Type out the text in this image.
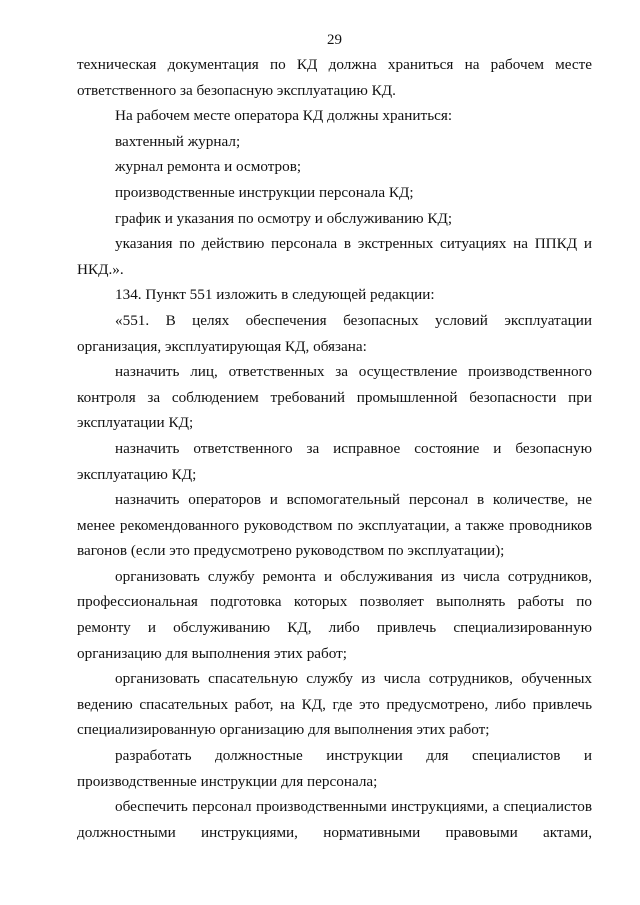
29

техническая документация по КД должна храниться на рабочем месте ответственного за безопасную эксплуатацию КД.

На рабочем месте оператора КД должны храниться:

вахтенный журнал;

журнал ремонта и осмотров;

производственные инструкции персонала КД;

график и указания по осмотру и обслуживанию КД;

указания по действию персонала в экстренных ситуациях на ППКД и НКД.».

134. Пункт 551 изложить в следующей редакции:

«551. В целях обеспечения безопасных условий эксплуатации организация, эксплуатирующая КД, обязана:

назначить лиц, ответственных за осуществление производственного контроля за соблюдением требований промышленной безопасности при эксплуатации КД;

назначить ответственного за исправное состояние и безопасную эксплуатацию КД;

назначить операторов и вспомогательный персонал в количестве, не менее рекомендованного руководством по эксплуатации, а также проводников вагонов (если это предусмотрено руководством по эксплуатации);

организовать службу ремонта и обслуживания из числа сотрудников, профессиональная подготовка которых позволяет выполнять работы по ремонту и обслуживанию КД, либо привлечь специализированную организацию для выполнения этих работ;

организовать спасательную службу из числа сотрудников, обученных ведению спасательных работ, на КД, где это предусмотрено, либо привлечь специализированную организацию для выполнения этих работ;

разработать должностные инструкции для специалистов и производственные инструкции для персонала;

обеспечить персонал производственными инструкциями, а специалистов должностными инструкциями, нормативными правовыми актами,
